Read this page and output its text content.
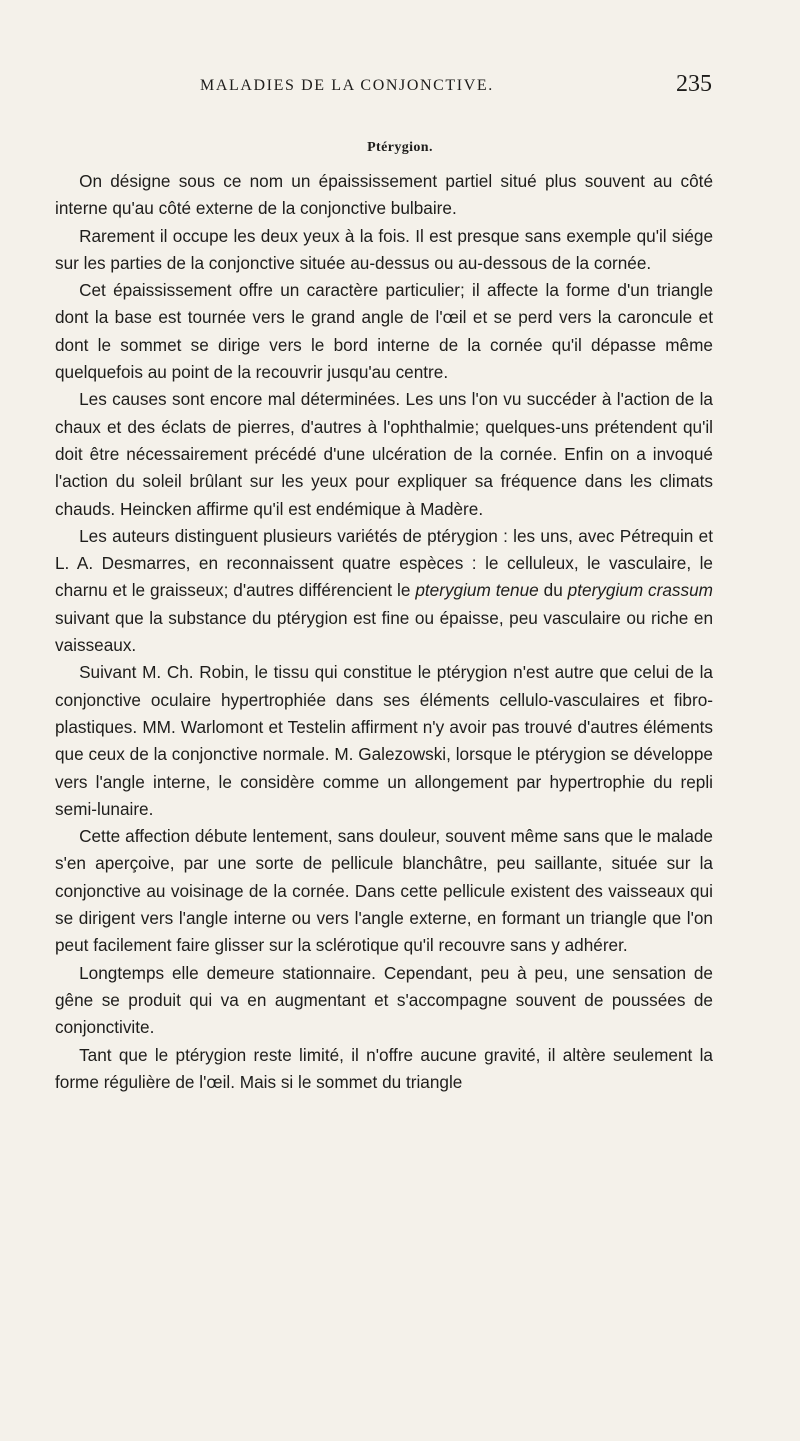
MALADIES DE LA CONJONCTIVE.	235
Ptérygion.

On désigne sous ce nom un épaississement partiel situé plus souvent au côté interne qu'au côté externe de la conjonctive bulbaire.

Rarement il occupe les deux yeux à la fois. Il est presque sans exemple qu'il siége sur les parties de la conjonctive située au-dessus ou au-dessous de la cornée.

Cet épaississement offre un caractère particulier; il affecte la forme d'un triangle dont la base est tournée vers le grand angle de l'œil et se perd vers la caroncule et dont le sommet se dirige vers le bord interne de la cornée qu'il dépasse même quelquefois au point de la recouvrir jusqu'au centre.

Les causes sont encore mal déterminées. Les uns l'on vu succéder à l'action de la chaux et des éclats de pierres, d'autres à l'ophthalmie; quelques-uns prétendent qu'il doit être nécessairement précédé d'une ulcération de la cornée. Enfin on a invoqué l'action du soleil brûlant sur les yeux pour expliquer sa fréquence dans les climats chauds. Heincken affirme qu'il est endémique à Madère.

Les auteurs distinguent plusieurs variétés de ptérygion : les uns, avec Pétrequin et L. A. Desmarres, en reconnaissent quatre espèces : le celluleux, le vasculaire, le charnu et le graisseux; d'autres différencient le pterygium tenue du pterygium crassum suivant que la substance du ptérygion est fine ou épaisse, peu vasculaire ou riche en vaisseaux.

Suivant M. Ch. Robin, le tissu qui constitue le ptérygion n'est autre que celui de la conjonctive oculaire hypertrophiée dans ses éléments cellulo-vasculaires et fibro-plastiques. MM. Warlomont et Testelin affirment n'y avoir pas trouvé d'autres éléments que ceux de la conjonctive normale. M. Galezowski, lorsque le ptérygion se développe vers l'angle interne, le considère comme un allongement par hypertrophie du repli semi-lunaire.

Cette affection débute lentement, sans douleur, souvent même sans que le malade s'en aperçoive, par une sorte de pellicule blanchâtre, peu saillante, située sur la conjonctive au voisinage de la cornée. Dans cette pellicule existent des vaisseaux qui se dirigent vers l'angle interne ou vers l'angle externe, en formant un triangle que l'on peut facilement faire glisser sur la sclérotique qu'il recouvre sans y adhérer.

Longtemps elle demeure stationnaire. Cependant, peu à peu, une sensation de gêne se produit qui va en augmentant et s'accompagne souvent de poussées de conjonctivite.

Tant que le ptérygion reste limité, il n'offre aucune gravité, il altère seulement la forme régulière de l'œil. Mais si le sommet du triangle
